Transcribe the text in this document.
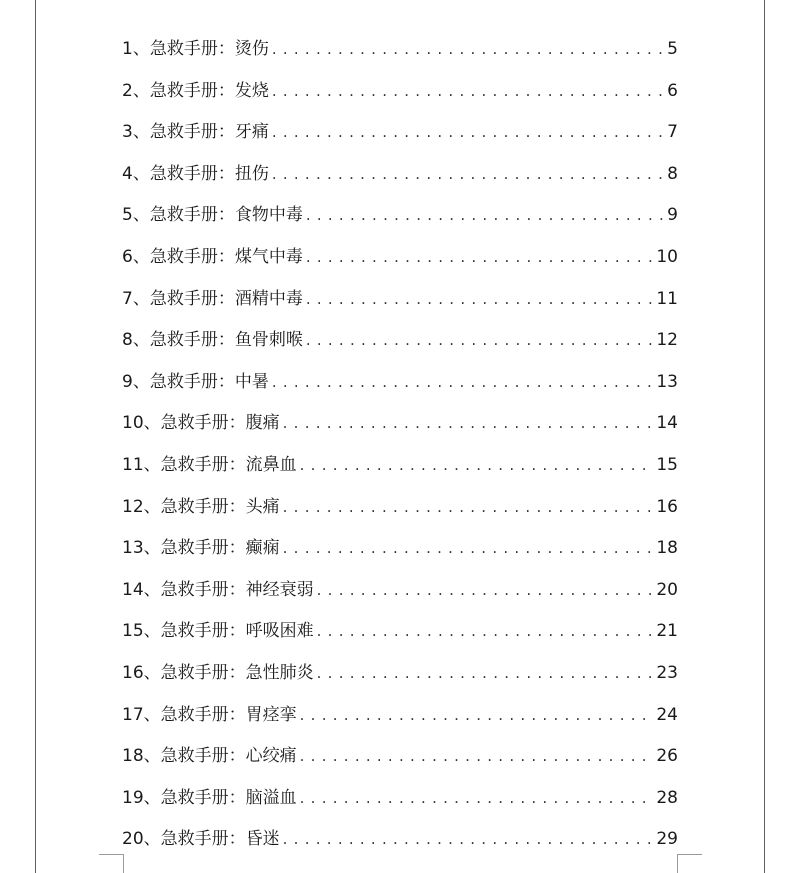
1、急救手册：烫伤 . . .	5
2、急救手册：发烧 . . .	6
3、急救手册：牙痛 . . .	7
4、急救手册：扭伤 . . .	8
5、急救手册：食物中毒 . . .	9
6、急救手册：煤气中毒 . . .	10
7、急救手册：酒精中毒 . . .	11
8、急救手册：鱼骨刺喉 . . .	12
9、急救手册：中暑 . . .	13
10、急救手册：腹痛 . . .	14
11、急救手册：流鼻血 . . .	15
12、急救手册：头痛 . . .	16
13、急救手册：癫痫 . . .	18
14、急救手册：神经衰弱 . . .	20
15、急救手册：呼吸困难 . . .	21
16、急救手册：急性肺炎 . . .	23
17、急救手册：胃痉挛 . . .	24
18、急救手册：心绞痛 . . .	26
19、急救手册：脑溢血 . . .	28
20、急救手册：昏迷 . . .	29
